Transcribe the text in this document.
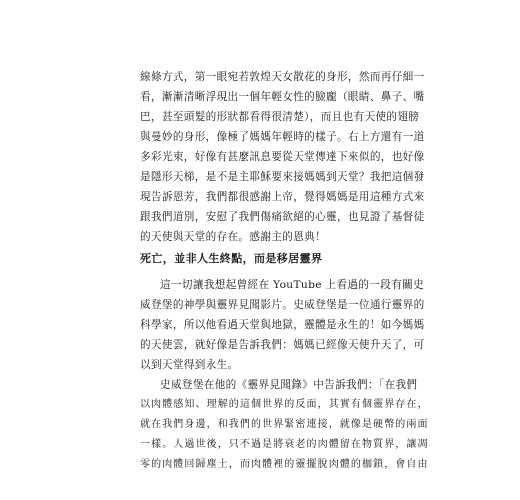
線條方式，第一眼宛若敦煌天女散花的身形，然而再仔細一
看，漸漸清晰浮現出一個年輕女性的臉龐（眼睛、鼻子、嘴
巴，甚至頭髮的形狀都看得很清楚），而且也有天使的翅膀
與曼妙的身形，像極了媽媽年輕時的樣子。右上方還有一道
多彩光束，好像有甚麼訊息要從天堂傳達下來似的，也好像
是隱形天梯，是不是主耶穌要來接媽媽到天堂？我把這個發
現告訴恩芳，我們都很感謝上帝，覺得媽媽是用這種方式來
跟我們道別，安慰了我們傷痛欲絕的心靈，也見證了基督徒
的天使與天堂的存在。感謝主的恩典！
死亡，並非人生終點，而是移居靈界
這一切讓我想起曾經在 YouTube 上看過的一段有關史
威登堡的神學與靈界見聞影片。史威登堡是一位通行靈界的
科學家，所以他看過天堂與地獄，靈體是永生的！如今媽媽
的天使雲，就好像是告訴我們：媽媽已經像天使升天了，可
以到天堂得到永生。
史威登堡在他的《靈界見聞錄》中告訴我們：「在我們
以肉體感知、理解的這個世界的反面，其實有個靈界存在，
就在我們身邊，和我們的世界緊密連接，就像是硬幣的兩面
一樣。人過世後，只不過是將衰老的肉體留在物質界，讓凋
零的肉體回歸塵土，而肉體裡的靈擺脫肉體的枷鎖，會自由
